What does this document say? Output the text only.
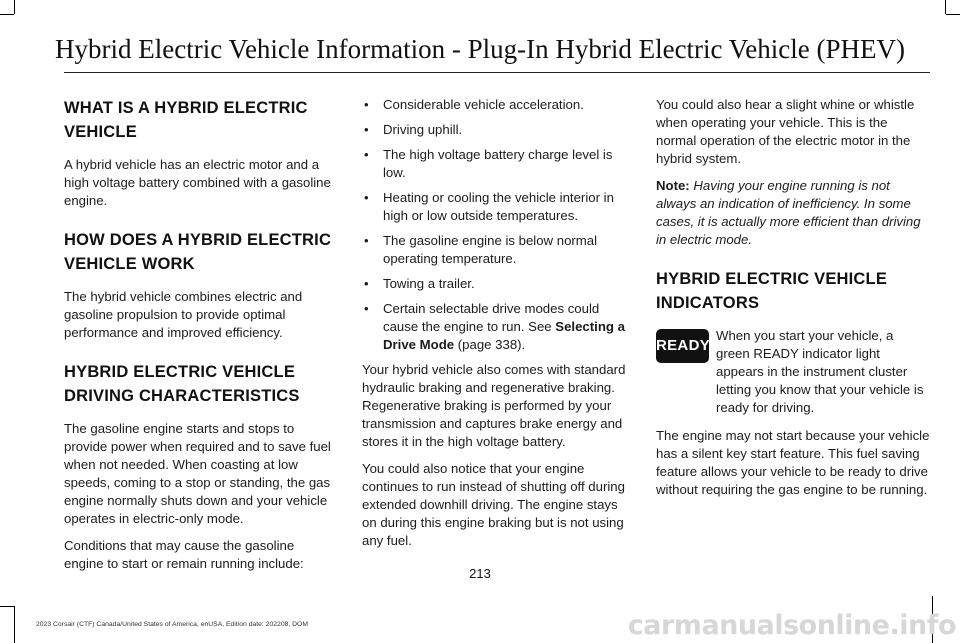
Hybrid Electric Vehicle Information - Plug-In Hybrid Electric Vehicle (PHEV)
WHAT IS A HYBRID ELECTRIC VEHICLE

A hybrid vehicle has an electric motor and a high voltage battery combined with a gasoline engine.

HOW DOES A HYBRID ELECTRIC VEHICLE WORK

The hybrid vehicle combines electric and gasoline propulsion to provide optimal performance and improved efficiency.

HYBRID ELECTRIC VEHICLE DRIVING CHARACTERISTICS

The gasoline engine starts and stops to provide power when required and to save fuel when not needed. When coasting at low speeds, coming to a stop or standing, the gas engine normally shuts down and your vehicle operates in electric-only mode.

Conditions that may cause the gasoline engine to start or remain running include:

• Considerable vehicle acceleration.
• Driving uphill.
• The high voltage battery charge level is low.
• Heating or cooling the vehicle interior in high or low outside temperatures.
• The gasoline engine is below normal operating temperature.
• Towing a trailer.
• Certain selectable drive modes could cause the engine to run. See Selecting a Drive Mode (page 338).

Your hybrid vehicle also comes with standard hydraulic braking and regenerative braking. Regenerative braking is performed by your transmission and captures brake energy and stores it in the high voltage battery.

You could also notice that your engine continues to run instead of shutting off during extended downhill driving. The engine stays on during this engine braking but is not using any fuel.

You could also hear a slight whine or whistle when operating your vehicle. This is the normal operation of the electric motor in the hybrid system.

Note: Having your engine running is not always an indication of inefficiency. In some cases, it is actually more efficient than driving in electric mode.

HYBRID ELECTRIC VEHICLE INDICATORS
READY

When you start your vehicle, a green READY indicator light appears in the instrument cluster letting you know that your vehicle is ready for driving.

The engine may not start because your vehicle has a silent key start feature. This fuel saving feature allows your vehicle to be ready to drive without requiring the gas engine to be running.

213
2023 Corsair (CTF) Canada/United States of America, enUSA, Edition date: 202208, DOM	carmanualsonline.info
